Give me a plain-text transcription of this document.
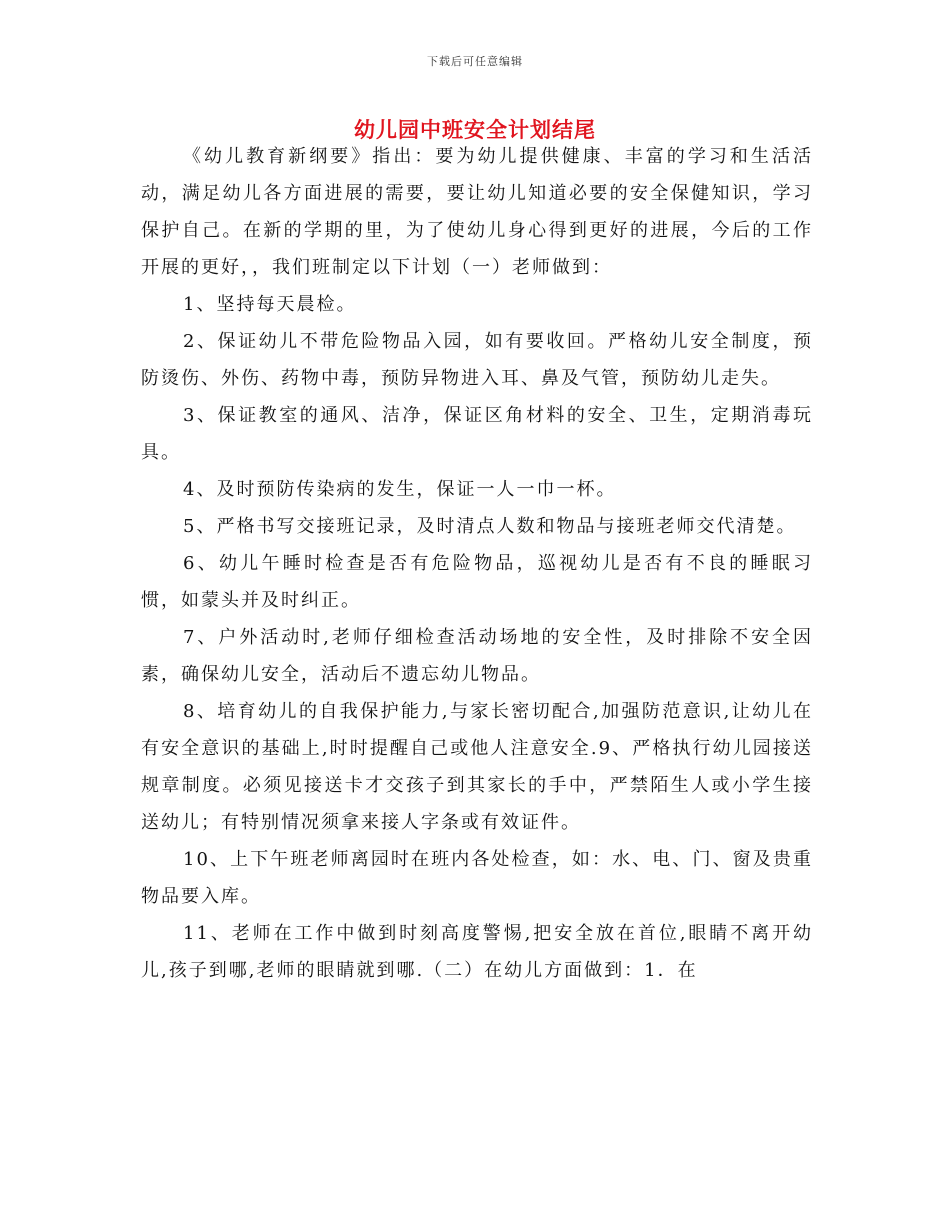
下载后可任意编辑
幼儿园中班安全计划结尾

《幼儿教育新纲要》指出：要为幼儿提供健康、丰富的学习和生活活动，满足幼儿各方面进展的需要，要让幼儿知道必要的安全保健知识，学习保护自己。在新的学期的里，为了使幼儿身心得到更好的进展，今后的工作开展的更好，，我们班制定以下计划（一）老师做到：

1、坚持每天晨检。

2、保证幼儿不带危险物品入园，如有要收回。严格幼儿安全制度，预防烫伤、外伤、药物中毒，预防异物进入耳、鼻及气管，预防幼儿走失。

3、保证教室的通风、洁净，保证区角材料的安全、卫生，定期消毒玩具。

4、及时预防传染病的发生，保证一人一巾一杯。

5、严格书写交接班记录，及时清点人数和物品与接班老师交代清楚。

6、幼儿午睡时检查是否有危险物品，巡视幼儿是否有不良的睡眠习惯，如蒙头并及时纠正。

7、户外活动时,老师仔细检查活动场地的安全性，及时排除不安全因素，确保幼儿安全，活动后不遗忘幼儿物品。

8、培育幼儿的自我保护能力,与家长密切配合,加强防范意识,让幼儿在有安全意识的基础上,时时提醒自己或他人注意安全.9、严格执行幼儿园接送规章制度。必须见接送卡才交孩子到其家长的手中，严禁陌生人或小学生接送幼儿；有特别情况须拿来接人字条或有效证件。

10、上下午班老师离园时在班内各处检查，如：水、电、门、窗及贵重物品要入库。

11、老师在工作中做到时刻高度警惕,把安全放在首位,眼睛不离开幼儿,孩子到哪,老师的眼睛就到哪.（二）在幼儿方面做到：1．在
